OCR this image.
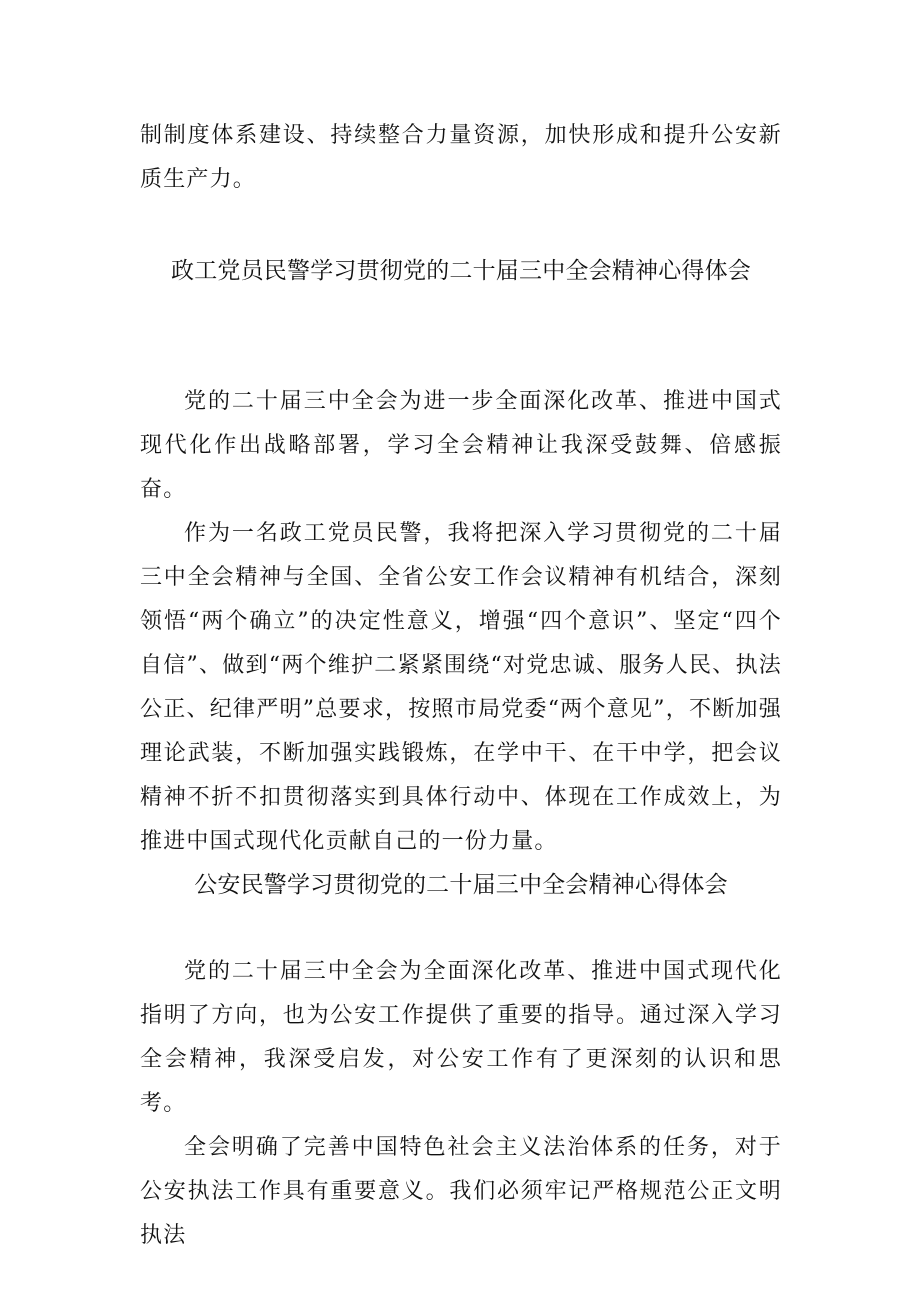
制制度体系建设、持续整合力量资源，加快形成和提升公安新质生产力。

政工党员民警学习贯彻党的二十届三中全会精神心得体会

党的二十届三中全会为进一步全面深化改革、推进中国式现代化作出战略部署，学习全会精神让我深受鼓舞、倍感振奋。

作为一名政工党员民警，我将把深入学习贯彻党的二十届三中全会精神与全国、全省公安工作会议精神有机结合，深刻领悟“两个确立”的决定性意义，增强“四个意识”、坚定“四个自信”、做到“两个维护二紧紧围绕“对党忠诚、服务人民、执法公正、纪律严明”总要求，按照市局党委“两个意见”，不断加强理论武装，不断加强实践锻炼，在学中干、在干中学，把会议精神不折不扣贯彻落实到具体行动中、体现在工作成效上，为推进中国式现代化贡献自己的一份力量。

公安民警学习贯彻党的二十届三中全会精神心得体会

党的二十届三中全会为全面深化改革、推进中国式现代化指明了方向，也为公安工作提供了重要的指导。通过深入学习全会精神，我深受启发，对公安工作有了更深刻的认识和思考。

全会明确了完善中国特色社会主义法治体系的任务，对于公安执法工作具有重要意义。我们必须牢记严格规范公正文明执法
